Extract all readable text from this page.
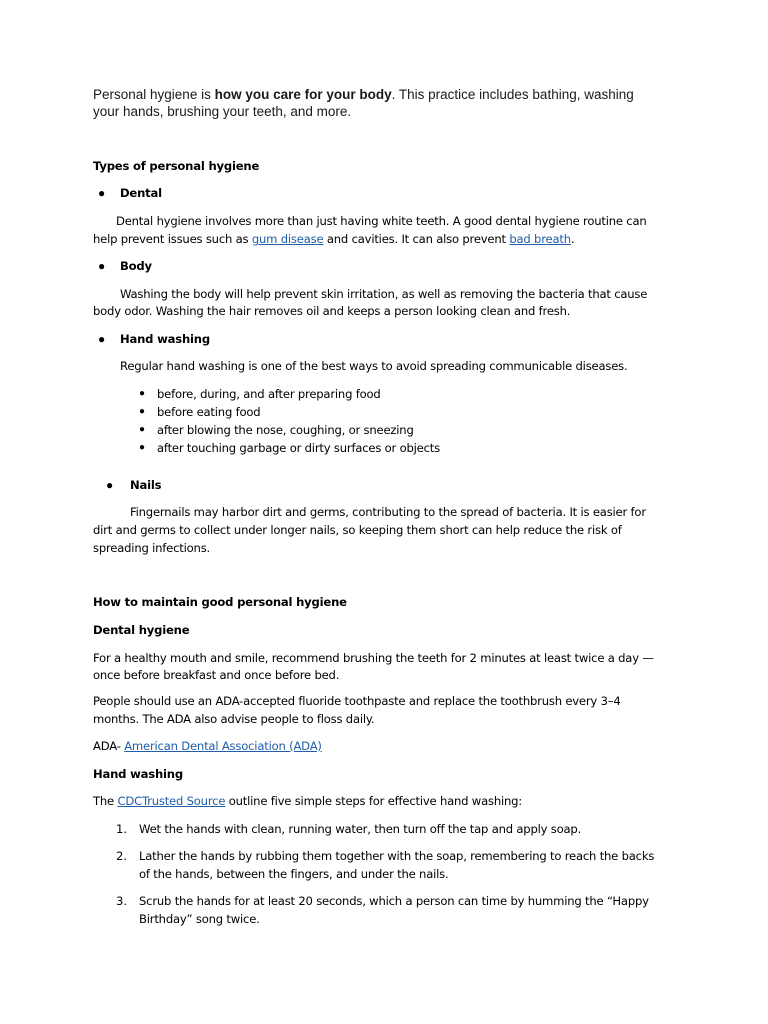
Personal hygiene is how you care for your body. This practice includes bathing, washing
your hands, brushing your teeth, and more.
Types of personal hygiene
● Dental
Dental hygiene involves more than just having white teeth. A good dental hygiene routine can
help prevent issues such as gum disease and cavities. It can also prevent bad breath.
● Body
Washing the body will help prevent skin irritation, as well as removing the bacteria that cause
body odor. Washing the hair removes oil and keeps a person looking clean and fresh.
● Hand washing
Regular hand washing is one of the best ways to avoid spreading communicable diseases.
● before, during, and after preparing food
● before eating food
● after blowing the nose, coughing, or sneezing
● after touching garbage or dirty surfaces or objects
● Nails
Fingernails may harbor dirt and germs, contributing to the spread of bacteria. It is easier for
dirt and germs to collect under longer nails, so keeping them short can help reduce the risk of
spreading infections.
How to maintain good personal hygiene
Dental hygiene
For a healthy mouth and smile, recommend brushing the teeth for 2 minutes at least twice a day —
once before breakfast and once before bed.
People should use an ADA-accepted fluoride toothpaste and replace the toothbrush every 3–4
months. The ADA also advise people to floss daily.
ADA- American Dental Association (ADA)
Hand washing
The CDCTrusted Source outline five simple steps for effective hand washing:
1. Wet the hands with clean, running water, then turn off the tap and apply soap.
2. Lather the hands by rubbing them together with the soap, remembering to reach the backs
of the hands, between the fingers, and under the nails.
3. Scrub the hands for at least 20 seconds, which a person can time by humming the “Happy
Birthday” song twice.
